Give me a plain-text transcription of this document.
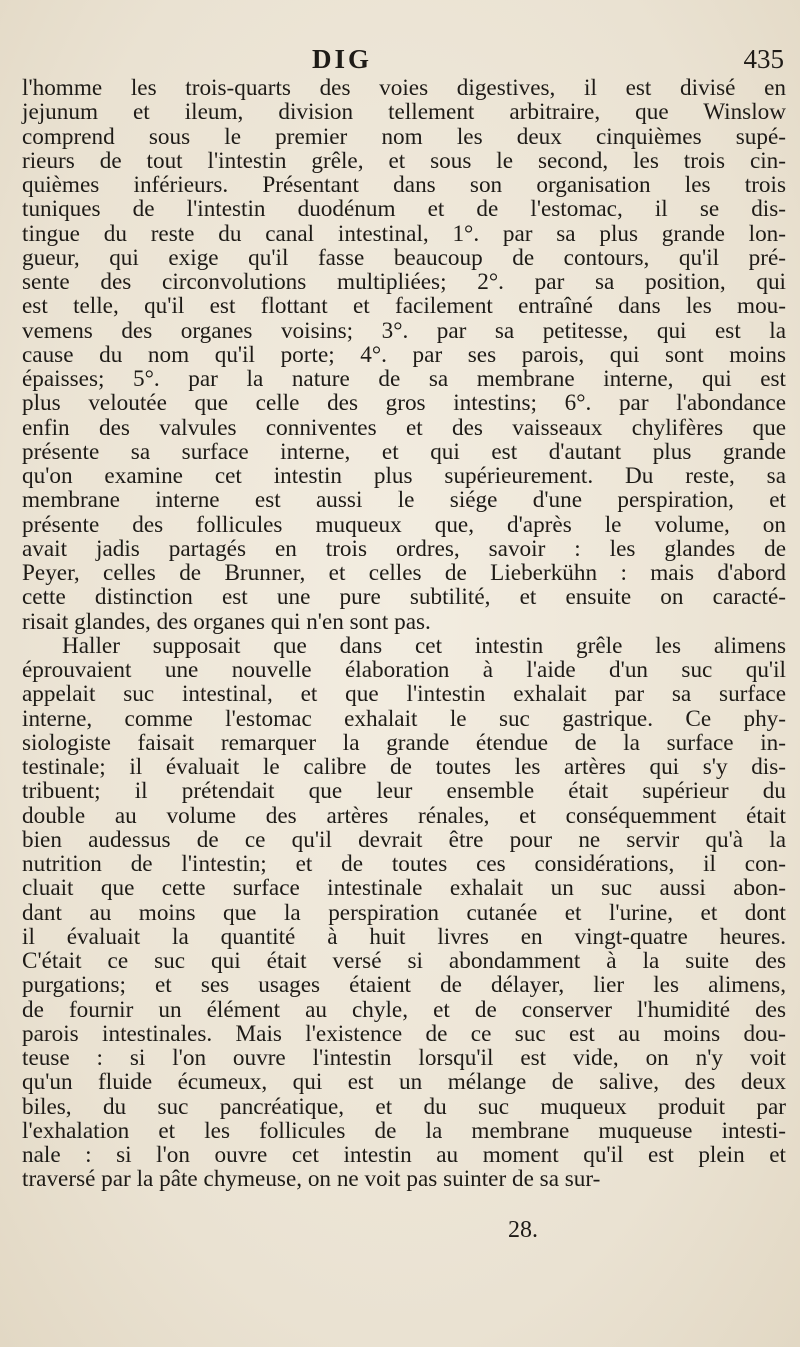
DIG	435
l'homme les trois-quarts des voies digestives, il est divisé en
jejunum et ileum, division tellement arbitraire, que Winslow
comprend sous le premier nom les deux cinquièmes supé-
rieurs de tout l'intestin grêle, et sous le second, les trois cin-
quièmes inférieurs. Présentant dans son organisation les trois
tuniques de l'intestin duodénum et de l'estomac, il se dis-
tingue du reste du canal intestinal, 1°. par sa plus grande lon-
gueur, qui exige qu'il fasse beaucoup de contours, qu'il pré-
sente des circonvolutions multipliées; 2°. par sa position, qui
est telle, qu'il est flottant et facilement entraîné dans les mou-
vemens des organes voisins; 3°. par sa petitesse, qui est la
cause du nom qu'il porte; 4°. par ses parois, qui sont moins
épaisses; 5°. par la nature de sa membrane interne, qui est
plus veloutée que celle des gros intestins; 6°. par l'abondance
enfin des valvules conniventes et des vaisseaux chylifères que
présente sa surface interne, et qui est d'autant plus grande
qu'on examine cet intestin plus supérieurement. Du reste, sa
membrane interne est aussi le siége d'une perspiration, et
présente des follicules muqueux que, d'après le volume, on
avait jadis partagés en trois ordres, savoir : les glandes de
Peyer, celles de Brunner, et celles de Lieberkühn : mais d'abord
cette distinction est une pure subtilité, et ensuite on caracté-
risait glandes, des organes qui n'en sont pas.
Haller supposait que dans cet intestin grêle les alimens
éprouvaient une nouvelle élaboration à l'aide d'un suc qu'il
appelait suc intestinal, et que l'intestin exhalait par sa surface
interne, comme l'estomac exhalait le suc gastrique. Ce phy-
siologiste faisait remarquer la grande étendue de la surface in-
testinale; il évaluait le calibre de toutes les artères qui s'y dis-
tribuent; il prétendait que leur ensemble était supérieur du
double au volume des artères rénales, et conséquemment était
bien audessus de ce qu'il devrait être pour ne servir qu'à la
nutrition de l'intestin; et de toutes ces considérations, il con-
cluait que cette surface intestinale exhalait un suc aussi abon-
dant au moins que la perspiration cutanée et l'urine, et dont
il évaluait la quantité à huit livres en vingt-quatre heures.
C'était ce suc qui était versé si abondamment à la suite des
purgations; et ses usages étaient de délayer, lier les alimens,
de fournir un élément au chyle, et de conserver l'humidité des
parois intestinales. Mais l'existence de ce suc est au moins dou-
teuse : si l'on ouvre l'intestin lorsqu'il est vide, on n'y voit
qu'un fluide écumeux, qui est un mélange de salive, des deux
biles, du suc pancréatique, et du suc muqueux produit par
l'exhalation et les follicules de la membrane muqueuse intesti-
nale : si l'on ouvre cet intestin au moment qu'il est plein et
traversé par la pâte chymeuse, on ne voit pas suinter de sa sur-
28.
